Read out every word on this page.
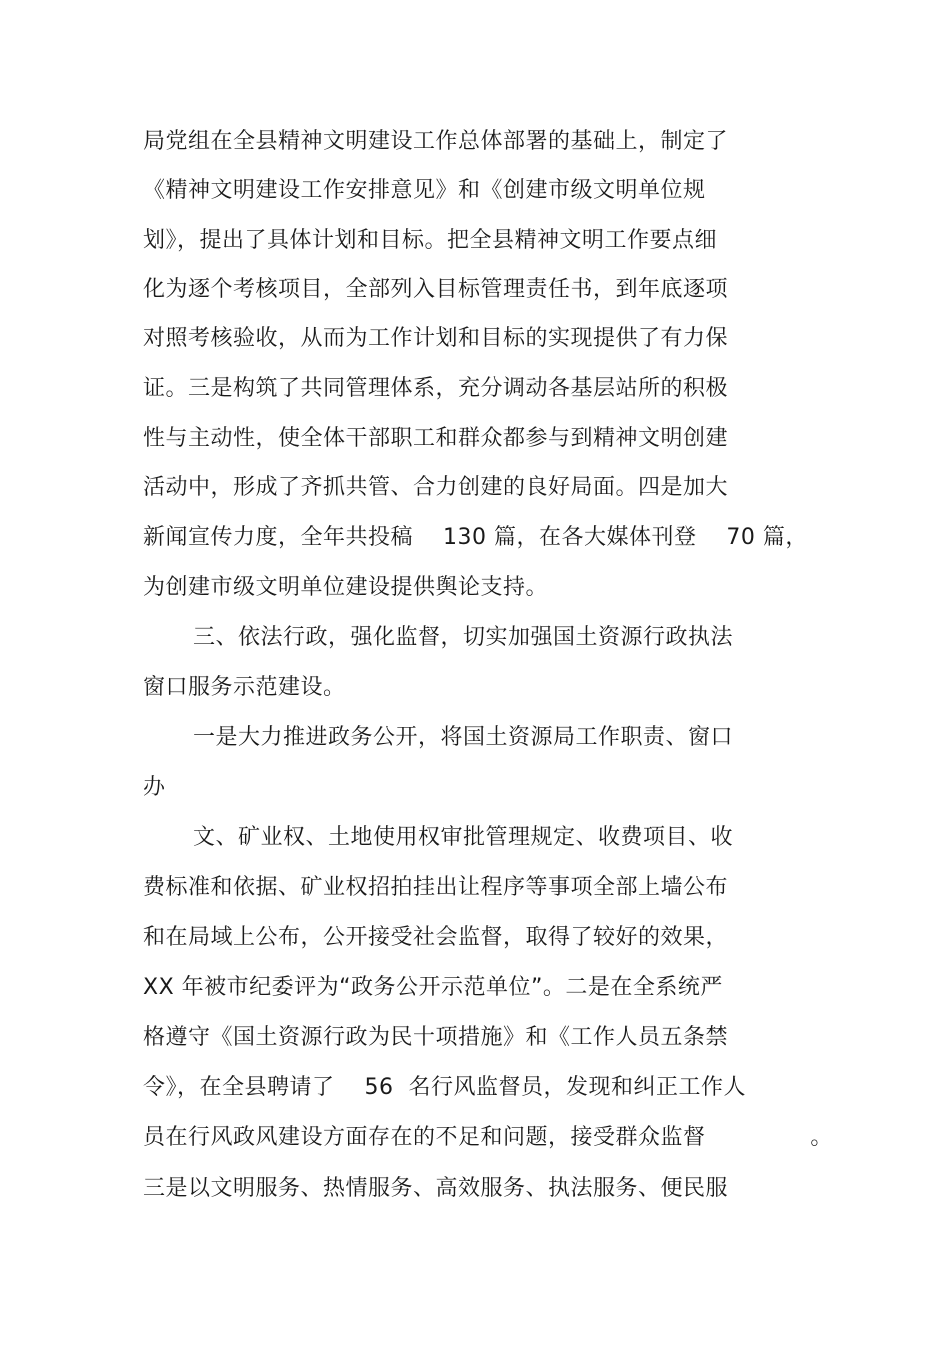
局党组在全县精神文明建设工作总体部署的基础上，制定了
《精神文明建设工作安排意见》和《创建市级文明单位规
划》，提出了具体计划和目标。把全县精神文明工作要点细
化为逐个考核项目，全部列入目标管理责任书，到年底逐项
对照考核验收，从而为工作计划和目标的实现提供了有力保
证。三是构筑了共同管理体系，充分调动各基层站所的积极
性与主动性，使全体干部职工和群众都参与到精神文明创建
活动中，形成了齐抓共管、合力创建的良好局面。四是加大
新闻宣传力度，全年共投稿    130 篇，在各大媒体刊登    70 篇，
为创建市级文明单位建设提供舆论支持。
三、依法行政，强化监督，切实加强国土资源行政执法
窗口服务示范建设。
一是大力推进政务公开，将国土资源局工作职责、窗口
办
文、矿业权、土地使用权审批管理规定、收费项目、收
费标准和依据、矿业权招拍挂出让程序等事项全部上墙公布
和在局域上公布，公开接受社会监督，取得了较好的效果，
XX 年被市纪委评为“政务公开示范单位”。二是在全系统严
格遵守《国土资源行政为民十项措施》和《工作人员五条禁
令》，在全县聘请了    56  名行风监督员，发现和纠正工作人
员在行风政风建设方面存在的不足和问题，接受群众监督              。
三是以文明服务、热情服务、高效服务、执法服务、便民服
